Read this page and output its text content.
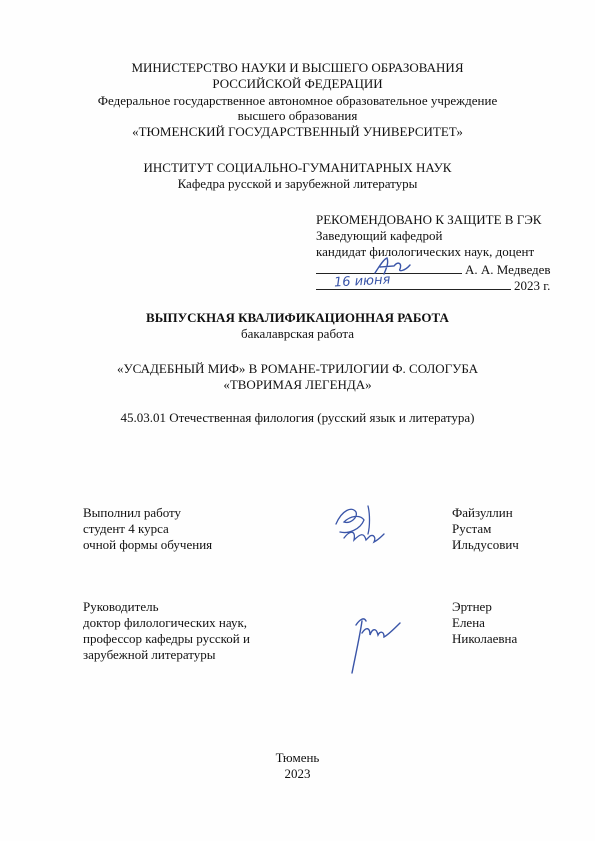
МИНИСТЕРСТВО НАУКИ И ВЫСШЕГО ОБРАЗОВАНИЯ
РОССИЙСКОЙ ФЕДЕРАЦИИ
Федеральное государственное автономное образовательное учреждение
высшего образования
«ТЮМЕНСКИЙ ГОСУДАРСТВЕННЫЙ УНИВЕРСИТЕТ»
ИНСТИТУТ СОЦИАЛЬНО-ГУМАНИТАРНЫХ НАУК
Кафедра русской и зарубежной литературы
РЕКОМЕНДОВАНО К ЗАЩИТЕ В ГЭК
Заведующий кафедрой
кандидат филологических наук, доцент
А. А. Медведев
16 июня	2023 г.
ВЫПУСКНАЯ КВАЛИФИКАЦИОННАЯ РАБОТА
бакалаврская работа
«УСАДЕБНЫЙ МИФ» В РОМАНЕ-ТРИЛОГИИ Ф. СОЛОГУБА
«ТВОРИМАЯ ЛЕГЕНДА»
45.03.01 Отечественная филология (русский язык и литература)
Выполнил работу
студент 4 курса
очной формы обучения
Файзуллин
Рустам
Ильдусович
Руководитель
доктор филологических наук,
профессор кафедры русской и
зарубежной литературы
Эртнер
Елена
Николаевна
Тюмень
2023
